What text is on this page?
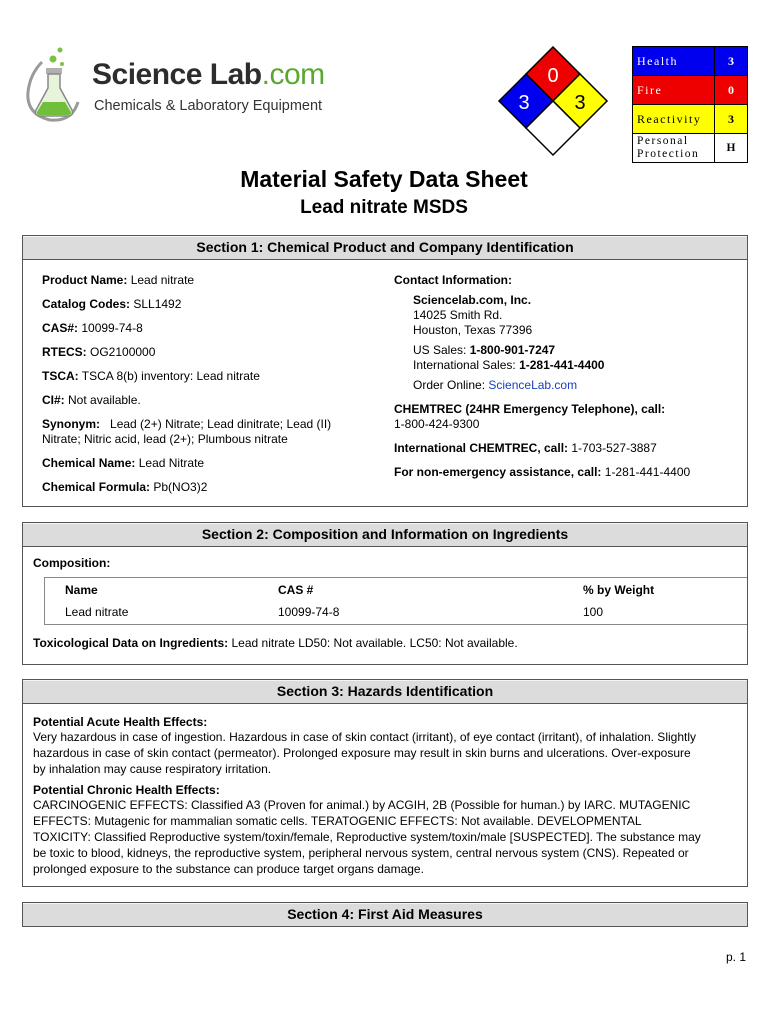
Science Lab.com
Chemicals & Laboratory Equipment
0
3 3
Health	3
Fire	0
Reactivity	3
Personal
Protection	H
Material Safety Data Sheet
Lead nitrate MSDS
Section 1: Chemical Product and Company Identification
Product Name: Lead nitrate
Catalog Codes: SLL1492
CAS#: 10099-74-8
RTECS: OG2100000
TSCA: TSCA 8(b) inventory: Lead nitrate
CI#: Not available.
Synonym: Lead (2+) Nitrate; Lead dinitrate; Lead (II)
Nitrate; Nitric acid, lead (2+); Plumbous nitrate
Chemical Name: Lead Nitrate
Chemical Formula: Pb(NO3)2
Contact Information:
Sciencelab.com, Inc.
14025 Smith Rd.
Houston, Texas 77396
US Sales: 1-800-901-7247
International Sales: 1-281-441-4400
Order Online: ScienceLab.com
CHEMTREC (24HR Emergency Telephone), call:
1-800-424-9300
International CHEMTREC, call: 1-703-527-3887
For non-emergency assistance, call: 1-281-441-4400
Section 2: Composition and Information on Ingredients
Composition:
Name	CAS #	% by Weight
Lead nitrate	10099-74-8	100
Toxicological Data on Ingredients: Lead nitrate LD50: Not available. LC50: Not available.
Section 3: Hazards Identification
Potential Acute Health Effects:
Very hazardous in case of ingestion. Hazardous in case of skin contact (irritant), of eye contact (irritant), of inhalation. Slightly
hazardous in case of skin contact (permeator). Prolonged exposure may result in skin burns and ulcerations. Over-exposure
by inhalation may cause respiratory irritation.
Potential Chronic Health Effects:
CARCINOGENIC EFFECTS: Classified A3 (Proven for animal.) by ACGIH, 2B (Possible for human.) by IARC. MUTAGENIC
EFFECTS: Mutagenic for mammalian somatic cells. TERATOGENIC EFFECTS: Not available. DEVELOPMENTAL
TOXICITY: Classified Reproductive system/toxin/female, Reproductive system/toxin/male [SUSPECTED]. The substance may
be toxic to blood, kidneys, the reproductive system, peripheral nervous system, central nervous system (CNS). Repeated or
prolonged exposure to the substance can produce target organs damage.
Section 4: First Aid Measures
p. 1
